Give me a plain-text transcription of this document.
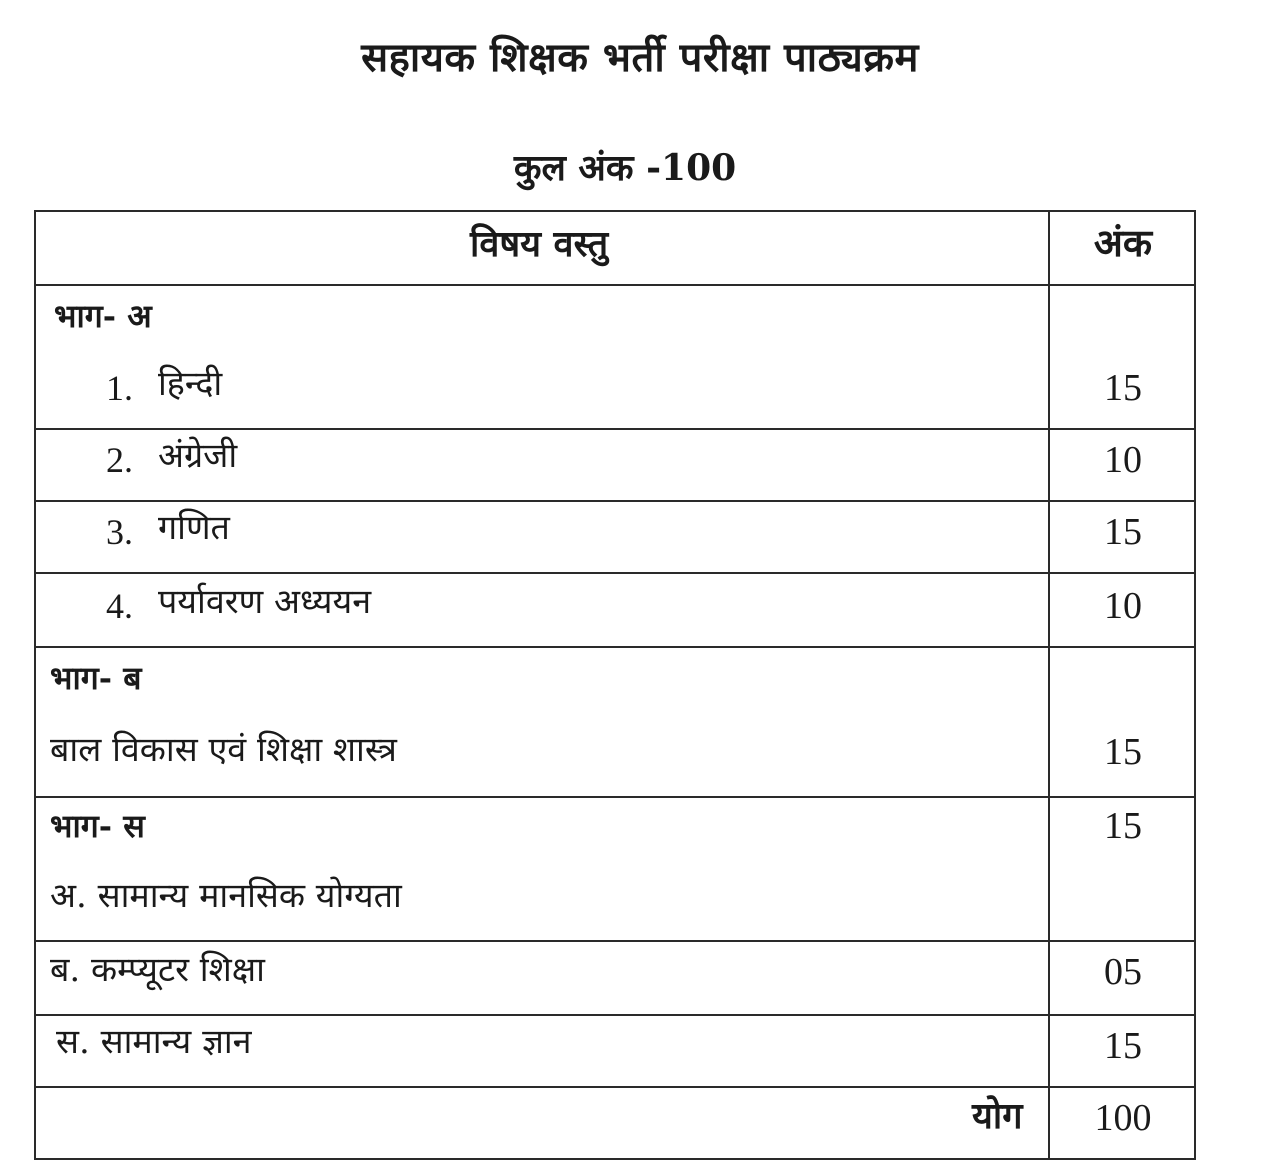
सहायक शिक्षक भर्ती परीक्षा पाठ्यक्रम
कुल अंक -100
विषय वस्तु	अंक
भाग- अ
1. हिन्दी	15
2. अंग्रेजी	10
3. गणित	15
4. पर्यावरण अध्ययन	10
भाग- ब
बाल विकास एवं शिक्षा शास्त्र	15
भाग- स	15
अ. सामान्य मानसिक योग्यता
ब. कम्प्यूटर शिक्षा	05
स. सामान्य ज्ञान	15
योग	100
